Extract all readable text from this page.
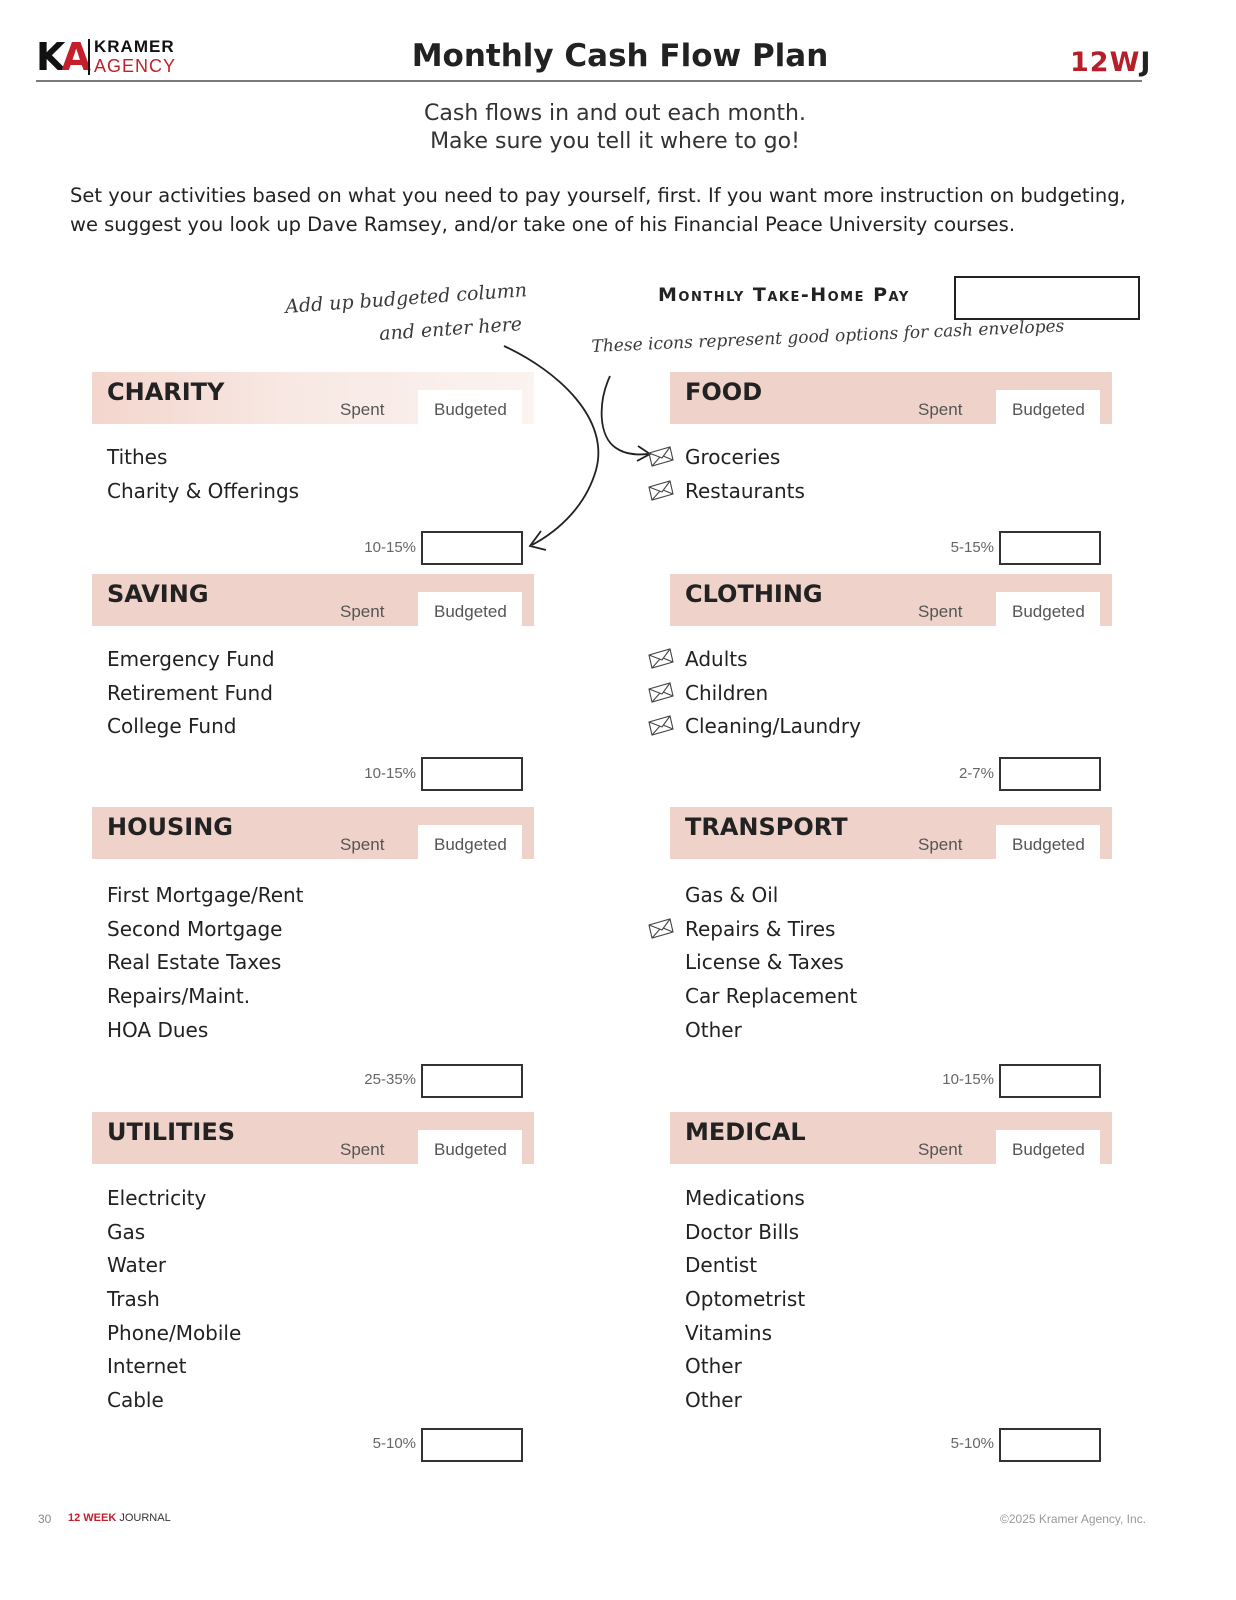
KA KRAMER
AGENCY	Monthly Cash Flow Plan	12WJ
Cash flows in and out each month.
Make sure you tell it where to go!
Set your activities based on what you need to pay yourself, first. If you want more instruction on budgeting,
we suggest you look up Dave Ramsey, and/or take one of his Financial Peace University courses.
Monthly Take-Home Pay
Add up budgeted column
and enter here	These icons represent good options for cash envelopes
CHARITY
Spent	Budgeted
Tithes
Charity & Offerings
10-15%
FOOD
Spent	Budgeted
Groceries
Restaurants
5-15%
SAVING
Spent	Budgeted
Emergency Fund
Retirement Fund
College Fund
10-15%
CLOTHING
Spent	Budgeted
Adults
Children
Cleaning/Laundry
2-7%
HOUSING
Spent	Budgeted
First Mortgage/Rent
Second Mortgage
Real Estate Taxes
Repairs/Maint.
HOA Dues
25-35%
TRANSPORT
Spent	Budgeted
Gas & Oil
Repairs & Tires
License & Taxes
Car Replacement
Other
10-15%
UTILITIES
Spent	Budgeted
Electricity
Gas
Water
Trash
Phone/Mobile
Internet
Cable
5-10%
MEDICAL
Spent	Budgeted
Medications
Doctor Bills
Dentist
Optometrist
Vitamins
Other
Other
5-10%
30 12 WEEK JOURNAL	©2025 Kramer Agency, Inc.
